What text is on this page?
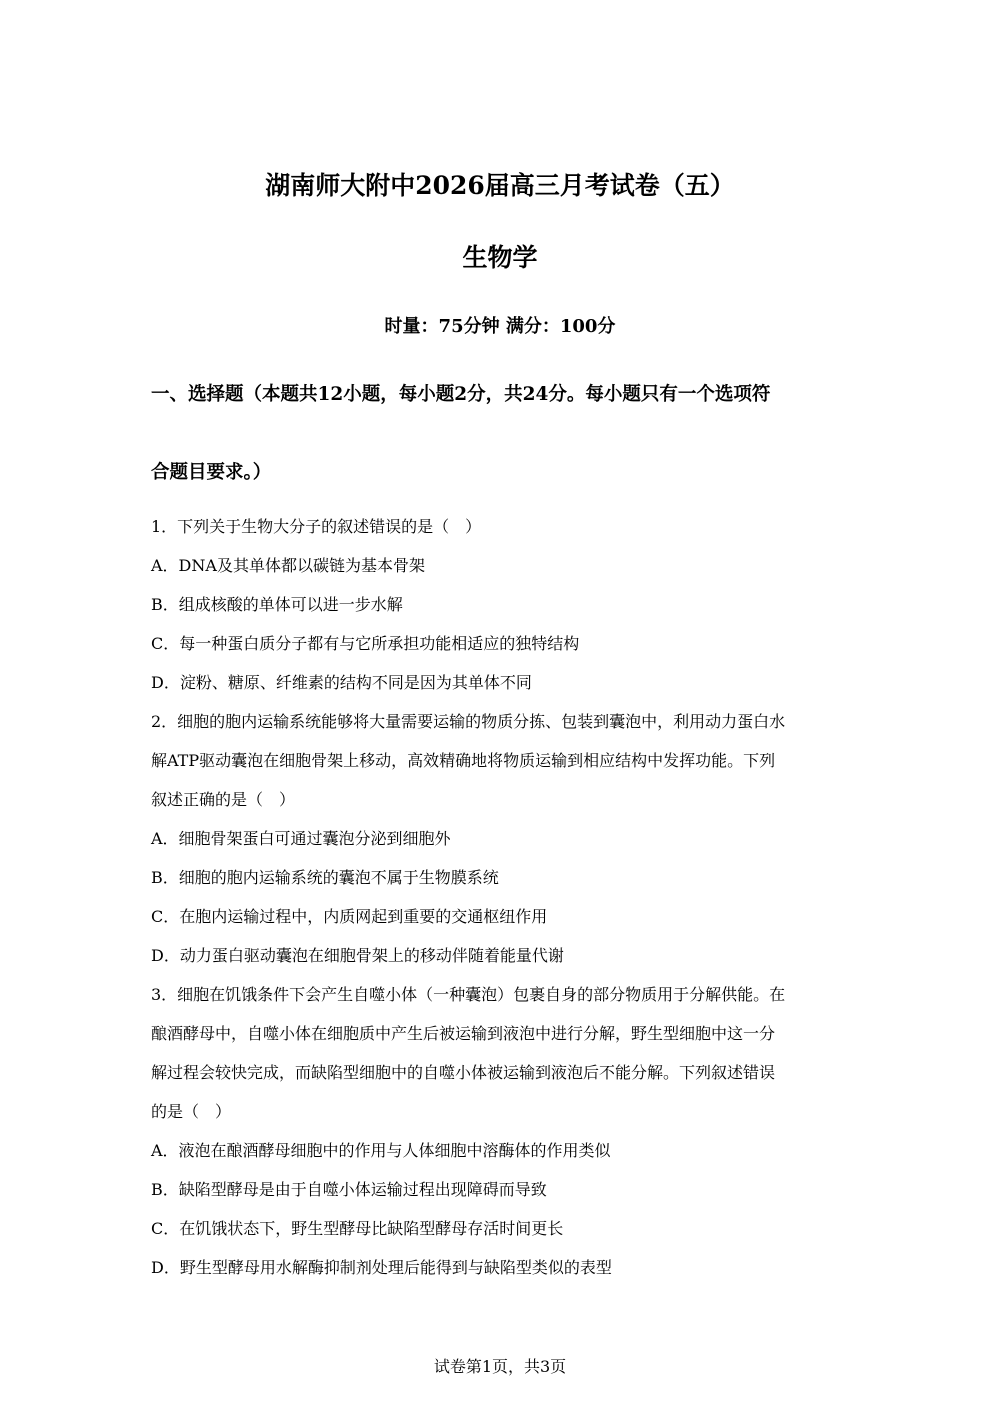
湖南师大附中2026届高三月考试卷（五）
生物学
时量：75分钟 满分：100分
一、选择题（本题共12小题，每小题2分，共24分。每小题只有一个选项符
合题目要求。）
1．下列关于生物大分子的叙述错误的是（　）
A．DNA及其单体都以碳链为基本骨架
B．组成核酸的单体可以进一步水解
C．每一种蛋白质分子都有与它所承担功能相适应的独特结构
D．淀粉、糖原、纤维素的结构不同是因为其单体不同
2．细胞的胞内运输系统能够将大量需要运输的物质分拣、包装到囊泡中，利用动力蛋白水
解ATP驱动囊泡在细胞骨架上移动，高效精确地将物质运输到相应结构中发挥功能。下列
叙述正确的是（　）
A．细胞骨架蛋白可通过囊泡分泌到细胞外
B．细胞的胞内运输系统的囊泡不属于生物膜系统
C．在胞内运输过程中，内质网起到重要的交通枢纽作用
D．动力蛋白驱动囊泡在细胞骨架上的移动伴随着能量代谢
3．细胞在饥饿条件下会产生自噬小体（一种囊泡）包裹自身的部分物质用于分解供能。在
酿酒酵母中，自噬小体在细胞质中产生后被运输到液泡中进行分解，野生型细胞中这一分
解过程会较快完成，而缺陷型细胞中的自噬小体被运输到液泡后不能分解。下列叙述错误
的是（　）
A．液泡在酿酒酵母细胞中的作用与人体细胞中溶酶体的作用类似
B．缺陷型酵母是由于自噬小体运输过程出现障碍而导致
C．在饥饿状态下，野生型酵母比缺陷型酵母存活时间更长
D．野生型酵母用水解酶抑制剂处理后能得到与缺陷型类似的表型
试卷第1页，共3页
